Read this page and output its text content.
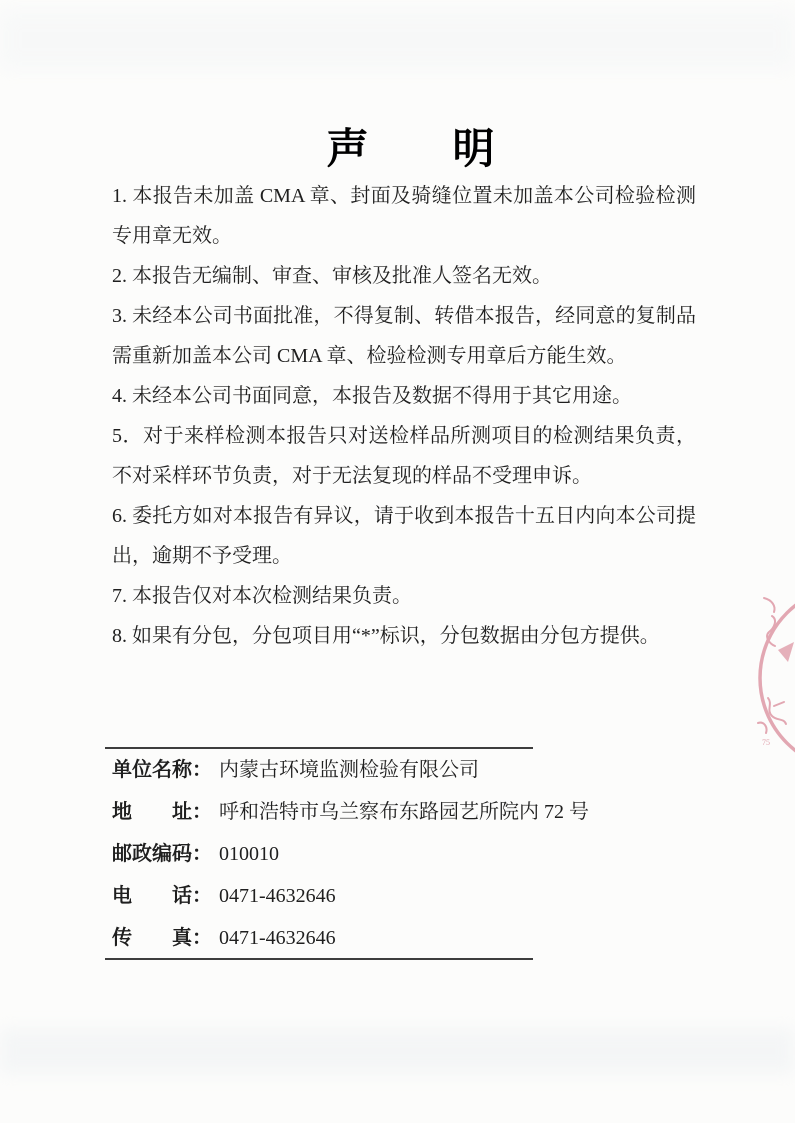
声明

1. 本报告未加盖 CMA 章、封面及骑缝位置未加盖本公司检验检测专用章无效。

2. 本报告无编制、审查、审核及批准人签名无效。

3. 未经本公司书面批准，不得复制、转借本报告，经同意的复制品需重新加盖本公司 CMA 章、检验检测专用章后方能生效。

4. 未经本公司书面同意，本报告及数据不得用于其它用途。

5．对于来样检测本报告只对送检样品所测项目的检测结果负责，不对采样环节负责，对于无法复现的样品不受理申诉。

6. 委托方如对本报告有异议，请于收到本报告十五日内向本公司提出，逾期不予受理。

7. 本报告仅对本次检测结果负责。

8. 如果有分包，分包项目用“*”标识，分包数据由分包方提供。

单位名称： 内蒙古环境监测检验有限公司
地　　址： 呼和浩特市乌兰察布东路园艺所院内 72 号
邮政编码： 010010
电　　话： 0471-4632646
传　　真： 0471-4632646
75
